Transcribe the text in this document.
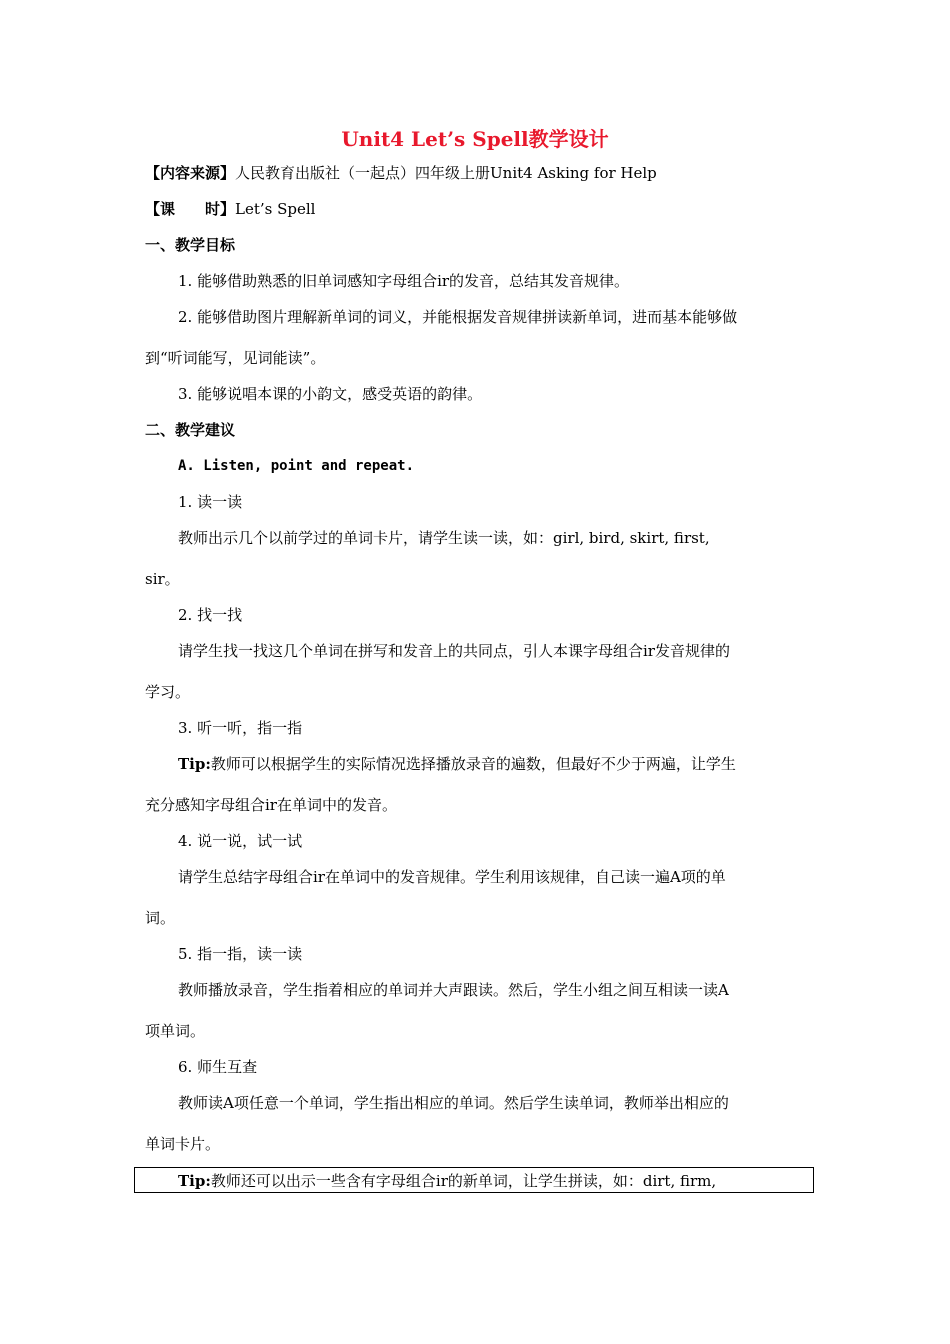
Unit4 Let’s Spell教学设计
【内容来源】人民教育出版社（一起点）四年级上册Unit4 Asking for Help
【课　　时】Let’s Spell
一、教学目标
1. 能够借助熟悉的旧单词感知字母组合ir的发音，总结其发音规律。
2. 能够借助图片理解新单词的词义，并能根据发音规律拼读新单词，进而基本能够做
到“听词能写，见词能读”。
3. 能够说唱本课的小韵文，感受英语的韵律。
二、教学建议
A. Listen, point and repeat.
1. 读一读
教师出示几个以前学过的单词卡片，请学生读一读，如：girl, bird, skirt, first,
sir。
2. 找一找
请学生找一找这几个单词在拼写和发音上的共同点，引人本课字母组合ir发音规律的
学习。
3. 听一听，指一指
Tip:教师可以根据学生的实际情况选择播放录音的遍数，但最好不少于两遍，让学生
充分感知字母组合ir在单词中的发音。
4. 说一说，试一试
请学生总结字母组合ir在单词中的发音规律。学生利用该规律，自己读一遍A项的单
词。
5. 指一指，读一读
教师播放录音，学生指着相应的单词并大声跟读。然后，学生小组之间互相读一读A
项单词。
6. 师生互查
教师读A项任意一个单词，学生指出相应的单词。然后学生读单词，教师举出相应的
单词卡片。
Tip:教师还可以出示一些含有字母组合ir的新单词，让学生拼读，如：dirt, firm,
